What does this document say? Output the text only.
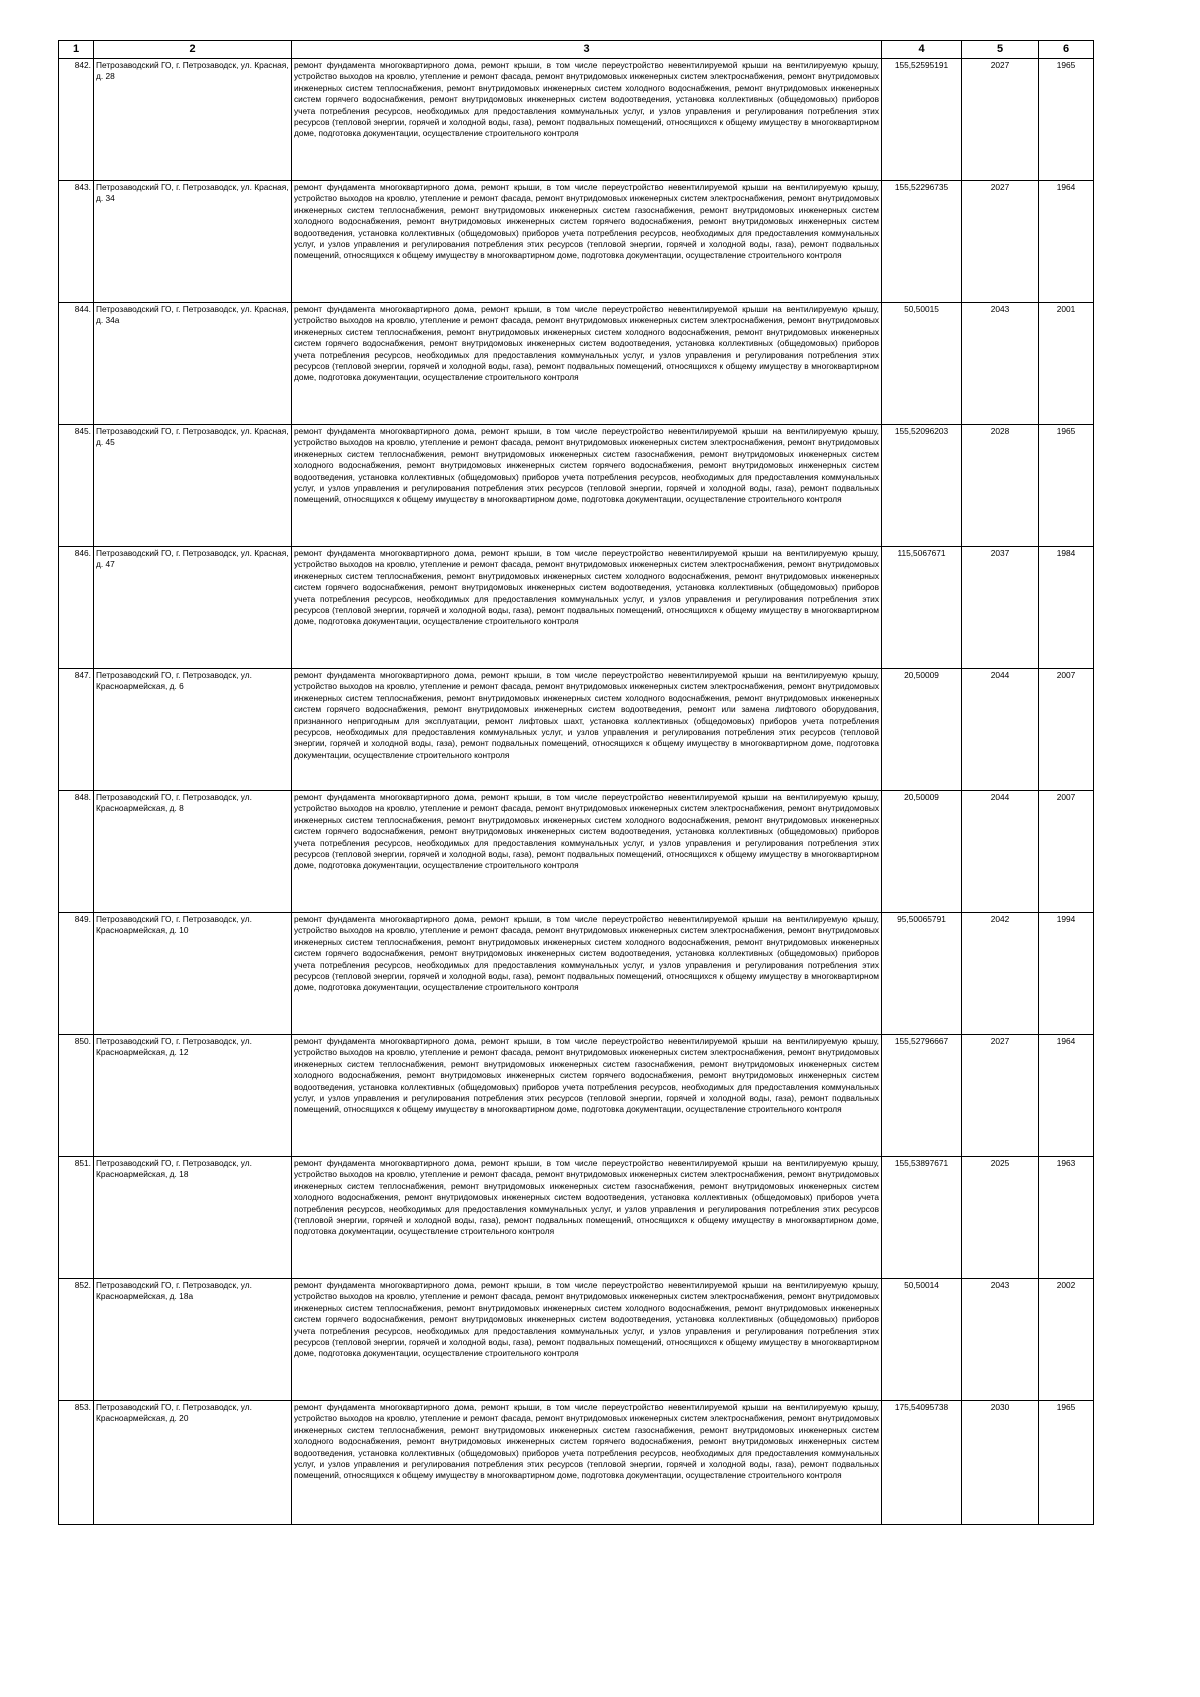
1	2	3	4	5	6
842.	Петрозаводский ГО, г. Петрозаводск, ул. Красная, д. 28	ремонт фундамента многоквартирного дома, ремонт крыши, в том числе переустройство невентилируемой крыши на вентилируемую крышу, устройство выходов на кровлю, утепление и ремонт фасада, ремонт внутридомовых инженерных систем электроснабжения, ремонт внутридомовых инженерных систем теплоснабжения, ремонт внутридомовых инженерных систем холодного водоснабжения, ремонт внутридомовых инженерных систем горячего водоснабжения, ремонт внутридомовых инженерных систем водоотведения, установка коллективных (общедомовых) приборов учета потребления ресурсов, необходимых для предоставления коммунальных услуг, и узлов управления и регулирования потребления этих ресурсов (тепловой энергии, горячей и холодной воды, газа), ремонт подвальных помещений, относящихся к общему имуществу в многоквартирном доме, подготовка документации, осуществление строительного контроля	155,52595191	2027	1965
843.	Петрозаводский ГО, г. Петрозаводск, ул. Красная, д. 34	ремонт фундамента многоквартирного дома, ремонт крыши, в том числе переустройство невентилируемой крыши на вентилируемую крышу, устройство выходов на кровлю, утепление и ремонт фасада, ремонт внутридомовых инженерных систем электроснабжения, ремонт внутридомовых инженерных систем теплоснабжения, ремонт внутридомовых инженерных систем газоснабжения, ремонт внутридомовых инженерных систем холодного водоснабжения, ремонт внутридомовых инженерных систем горячего водоснабжения, ремонт внутридомовых инженерных систем водоотведения, установка коллективных (общедомовых) приборов учета потребления ресурсов, необходимых для предоставления коммунальных услуг, и узлов управления и регулирования потребления этих ресурсов (тепловой энергии, горячей и холодной воды, газа), ремонт подвальных помещений, относящихся к общему имуществу в многоквартирном доме, подготовка документации, осуществление строительного контроля	155,52296735	2027	1964
844.	Петрозаводский ГО, г. Петрозаводск, ул. Красная, д. 34а	ремонт фундамента многоквартирного дома, ремонт крыши, в том числе переустройство невентилируемой крыши на вентилируемую крышу, устройство выходов на кровлю, утепление и ремонт фасада, ремонт внутридомовых инженерных систем электроснабжения, ремонт внутридомовых инженерных систем теплоснабжения, ремонт внутридомовых инженерных систем холодного водоснабжения, ремонт внутридомовых инженерных систем горячего водоснабжения, ремонт внутридомовых инженерных систем водоотведения, установка коллективных (общедомовых) приборов учета потребления ресурсов, необходимых для предоставления коммунальных услуг, и узлов управления и регулирования потребления этих ресурсов (тепловой энергии, горячей и холодной воды, газа), ремонт подвальных помещений, относящихся к общему имуществу в многоквартирном доме, подготовка документации, осуществление строительного контроля	50,50015	2043	2001
845.	Петрозаводский ГО, г. Петрозаводск, ул. Красная, д. 45	ремонт фундамента многоквартирного дома, ремонт крыши, в том числе переустройство невентилируемой крыши на вентилируемую крышу, устройство выходов на кровлю, утепление и ремонт фасада, ремонт внутридомовых инженерных систем электроснабжения, ремонт внутридомовых инженерных систем теплоснабжения, ремонт внутридомовых инженерных систем газоснабжения, ремонт внутридомовых инженерных систем холодного водоснабжения, ремонт внутридомовых инженерных систем горячего водоснабжения, ремонт внутридомовых инженерных систем водоотведения, установка коллективных (общедомовых) приборов учета потребления ресурсов, необходимых для предоставления коммунальных услуг, и узлов управления и регулирования потребления этих ресурсов (тепловой энергии, горячей и холодной воды, газа), ремонт подвальных помещений, относящихся к общему имуществу в многоквартирном доме, подготовка документации, осуществление строительного контроля	155,52096203	2028	1965
846.	Петрозаводский ГО, г. Петрозаводск, ул. Красная, д. 47	ремонт фундамента многоквартирного дома, ремонт крыши, в том числе переустройство невентилируемой крыши на вентилируемую крышу, устройство выходов на кровлю, утепление и ремонт фасада, ремонт внутридомовых инженерных систем электроснабжения, ремонт внутридомовых инженерных систем теплоснабжения, ремонт внутридомовых инженерных систем холодного водоснабжения, ремонт внутридомовых инженерных систем горячего водоснабжения, ремонт внутридомовых инженерных систем водоотведения, установка коллективных (общедомовых) приборов учета потребления ресурсов, необходимых для предоставления коммунальных услуг, и узлов управления и регулирования потребления этих ресурсов (тепловой энергии, горячей и холодной воды, газа), ремонт подвальных помещений, относящихся к общему имуществу в многоквартирном доме, подготовка документации, осуществление строительного контроля	115,5067671	2037	1984
847.	Петрозаводский ГО, г. Петрозаводск, ул. Красноармейская, д. 6	ремонт фундамента многоквартирного дома, ремонт крыши, в том числе переустройство невентилируемой крыши на вентилируемую крышу, устройство выходов на кровлю, утепление и ремонт фасада, ремонт внутридомовых инженерных систем электроснабжения, ремонт внутридомовых инженерных систем теплоснабжения, ремонт внутридомовых инженерных систем холодного водоснабжения, ремонт внутридомовых инженерных систем горячего водоснабжения, ремонт внутридомовых инженерных систем водоотведения, ремонт или замена лифтового оборудования, признанного непригодным для эксплуатации, ремонт лифтовых шахт, установка коллективных (общедомовых) приборов учета потребления ресурсов, необходимых для предоставления коммунальных услуг, и узлов управления и регулирования потребления этих ресурсов (тепловой энергии, горячей и холодной воды, газа), ремонт подвальных помещений, относящихся к общему имуществу в многоквартирном доме, подготовка документации, осуществление строительного контроля	20,50009	2044	2007
848.	Петрозаводский ГО, г. Петрозаводск, ул. Красноармейская, д. 8	ремонт фундамента многоквартирного дома, ремонт крыши, в том числе переустройство невентилируемой крыши на вентилируемую крышу, устройство выходов на кровлю, утепление и ремонт фасада, ремонт внутридомовых инженерных систем электроснабжения, ремонт внутридомовых инженерных систем теплоснабжения, ремонт внутридомовых инженерных систем холодного водоснабжения, ремонт внутридомовых инженерных систем горячего водоснабжения, ремонт внутридомовых инженерных систем водоотведения, установка коллективных (общедомовых) приборов учета потребления ресурсов, необходимых для предоставления коммунальных услуг, и узлов управления и регулирования потребления этих ресурсов (тепловой энергии, горячей и холодной воды, газа), ремонт подвальных помещений, относящихся к общему имуществу в многоквартирном доме, подготовка документации, осуществление строительного контроля	20,50009	2044	2007
849.	Петрозаводский ГО, г. Петрозаводск, ул. Красноармейская, д. 10	ремонт фундамента многоквартирного дома, ремонт крыши, в том числе переустройство невентилируемой крыши на вентилируемую крышу, устройство выходов на кровлю, утепление и ремонт фасада, ремонт внутридомовых инженерных систем электроснабжения, ремонт внутридомовых инженерных систем теплоснабжения, ремонт внутридомовых инженерных систем холодного водоснабжения, ремонт внутридомовых инженерных систем горячего водоснабжения, ремонт внутридомовых инженерных систем водоотведения, установка коллективных (общедомовых) приборов учета потребления ресурсов, необходимых для предоставления коммунальных услуг, и узлов управления и регулирования потребления этих ресурсов (тепловой энергии, горячей и холодной воды, газа), ремонт подвальных помещений, относящихся к общему имуществу в многоквартирном доме, подготовка документации, осуществление строительного контроля	95,50065791	2042	1994
850.	Петрозаводский ГО, г. Петрозаводск, ул. Красноармейская, д. 12	ремонт фундамента многоквартирного дома, ремонт крыши, в том числе переустройство невентилируемой крыши на вентилируемую крышу, устройство выходов на кровлю, утепление и ремонт фасада, ремонт внутридомовых инженерных систем электроснабжения, ремонт внутридомовых инженерных систем теплоснабжения, ремонт внутридомовых инженерных систем газоснабжения, ремонт внутридомовых инженерных систем холодного водоснабжения, ремонт внутридомовых инженерных систем горячего водоснабжения, ремонт внутридомовых инженерных систем водоотведения, установка коллективных (общедомовых) приборов учета потребления ресурсов, необходимых для предоставления коммунальных услуг, и узлов управления и регулирования потребления этих ресурсов (тепловой энергии, горячей и холодной воды, газа), ремонт подвальных помещений, относящихся к общему имуществу в многоквартирном доме, подготовка документации, осуществление строительного контроля	155,52796667	2027	1964
851.	Петрозаводский ГО, г. Петрозаводск, ул. Красноармейская, д. 18	ремонт фундамента многоквартирного дома, ремонт крыши, в том числе переустройство невентилируемой крыши на вентилируемую крышу, устройство выходов на кровлю, утепление и ремонт фасада, ремонт внутридомовых инженерных систем электроснабжения, ремонт внутридомовых инженерных систем теплоснабжения, ремонт внутридомовых инженерных систем газоснабжения, ремонт внутридомовых инженерных систем холодного водоснабжения, ремонт внутридомовых инженерных систем водоотведения, установка коллективных (общедомовых) приборов учета потребления ресурсов, необходимых для предоставления коммунальных услуг, и узлов управления и регулирования потребления этих ресурсов (тепловой энергии, горячей и холодной воды, газа), ремонт подвальных помещений, относящихся к общему имуществу в многоквартирном доме, подготовка документации, осуществление строительного контроля	155,53897671	2025	1963
852.	Петрозаводский ГО, г. Петрозаводск, ул. Красноармейская, д. 18а	ремонт фундамента многоквартирного дома, ремонт крыши, в том числе переустройство невентилируемой крыши на вентилируемую крышу, устройство выходов на кровлю, утепление и ремонт фасада, ремонт внутридомовых инженерных систем электроснабжения, ремонт внутридомовых инженерных систем теплоснабжения, ремонт внутридомовых инженерных систем холодного водоснабжения, ремонт внутридомовых инженерных систем горячего водоснабжения, ремонт внутридомовых инженерных систем водоотведения, установка коллективных (общедомовых) приборов учета потребления ресурсов, необходимых для предоставления коммунальных услуг, и узлов управления и регулирования потребления этих ресурсов (тепловой энергии, горячей и холодной воды, газа), ремонт подвальных помещений, относящихся к общему имуществу в многоквартирном доме, подготовка документации, осуществление строительного контроля	50,50014	2043	2002
853.	Петрозаводский ГО, г. Петрозаводск, ул. Красноармейская, д. 20	ремонт фундамента многоквартирного дома, ремонт крыши, в том числе переустройство невентилируемой крыши на вентилируемую крышу, устройство выходов на кровлю, утепление и ремонт фасада, ремонт внутридомовых инженерных систем электроснабжения, ремонт внутридомовых инженерных систем теплоснабжения, ремонт внутридомовых инженерных систем газоснабжения, ремонт внутридомовых инженерных систем холодного водоснабжения, ремонт внутридомовых инженерных систем горячего водоснабжения, ремонт внутридомовых инженерных систем водоотведения, установка коллективных (общедомовых) приборов учета потребления ресурсов, необходимых для предоставления коммунальных услуг, и узлов управления и регулирования потребления этих ресурсов (тепловой энергии, горячей и холодной воды, газа), ремонт подвальных помещений, относящихся к общему имуществу в многоквартирном доме, подготовка документации, осуществление строительного контроля	175,54095738	2030	1965
